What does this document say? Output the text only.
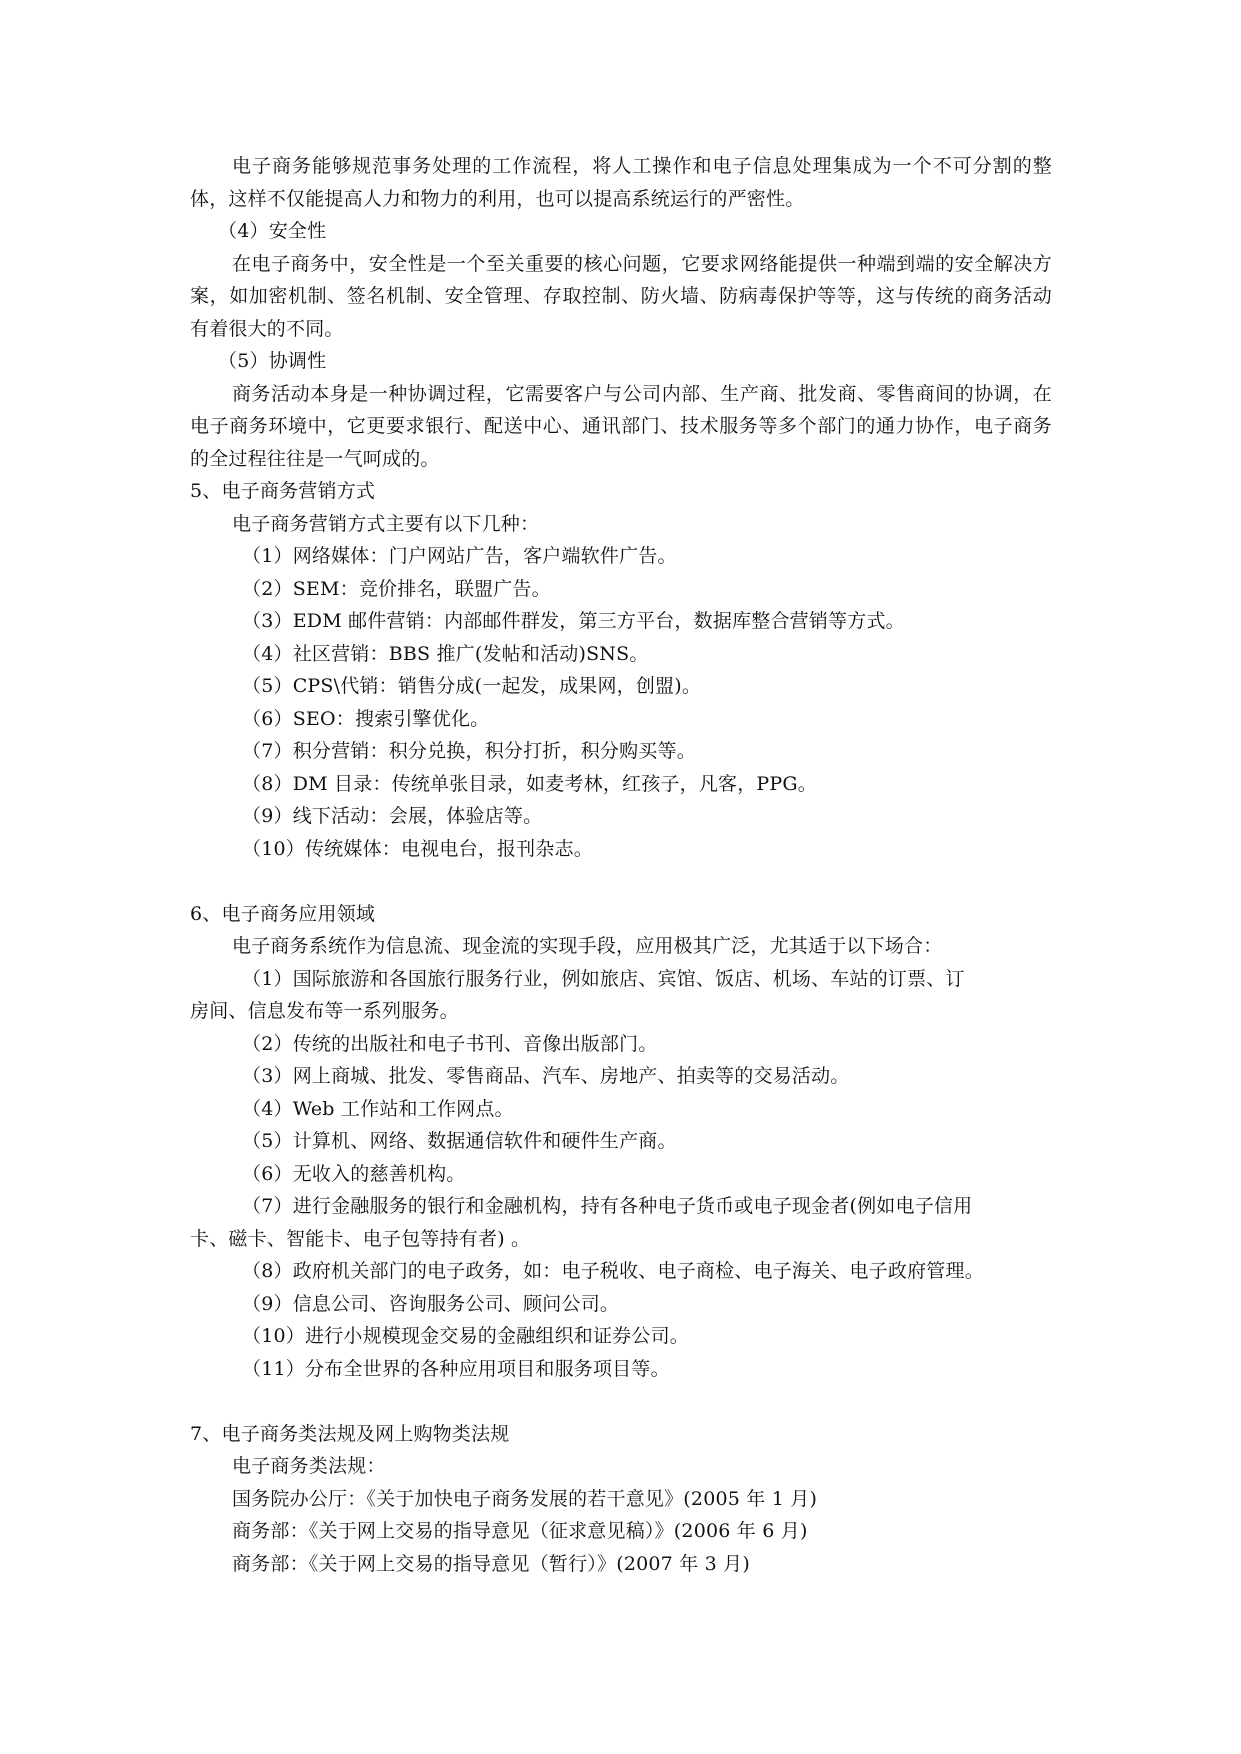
电子商务能够规范事务处理的工作流程，将人工操作和电子信息处理集成为一个不可分割的整体，这样不仅能提高人力和物力的利用，也可以提高系统运行的严密性。

（4）安全性

在电子商务中，安全性是一个至关重要的核心问题，它要求网络能提供一种端到端的安全解决方案，如加密机制、签名机制、安全管理、存取控制、防火墙、防病毒保护等等，这与传统的商务活动有着很大的不同。

（5）协调性

商务活动本身是一种协调过程，它需要客户与公司内部、生产商、批发商、零售商间的协调，在电子商务环境中，它更要求银行、配送中心、通讯部门、技术服务等多个部门的通力协作，电子商务的全过程往往是一气呵成的。

5、电子商务营销方式

电子商务营销方式主要有以下几种：

（1）网络媒体：门户网站广告，客户端软件广告。

（2）SEM：竞价排名，联盟广告。

（3）EDM 邮件营销：内部邮件群发，第三方平台，数据库整合营销等方式。

（4）社区营销：BBS 推广(发帖和活动)SNS。

（5）CPS\代销：销售分成(一起发，成果网，创盟)。

（6）SEO：搜索引擎优化。

（7）积分营销：积分兑换，积分打折，积分购买等。

（8）DM 目录：传统单张目录，如麦考林，红孩子，凡客，PPG。

（9）线下活动：会展，体验店等。

（10）传统媒体：电视电台，报刊杂志。

6、电子商务应用领域

电子商务系统作为信息流、现金流的实现手段，应用极其广泛，尤其适于以下场合：

（1）国际旅游和各国旅行服务行业，例如旅店、宾馆、饭店、机场、车站的订票、订

房间、信息发布等一系列服务。

（2）传统的出版社和电子书刊、音像出版部门。

（3）网上商城、批发、零售商品、汽车、房地产、拍卖等的交易活动。

（4）Web 工作站和工作网点。

（5）计算机、网络、数据通信软件和硬件生产商。

（6）无收入的慈善机构。

（7）进行金融服务的银行和金融机构，持有各种电子货币或电子现金者(例如电子信用

卡、磁卡、智能卡、电子包等持有者) 。

（8）政府机关部门的电子政务，如：电子税收、电子商检、电子海关、电子政府管理。

（9）信息公司、咨询服务公司、顾问公司。

（10）进行小规模现金交易的金融组织和证券公司。

（11）分布全世界的各种应用项目和服务项目等。

7、电子商务类法规及网上购物类法规

电子商务类法规：

国务院办公厅：《关于加快电子商务发展的若干意见》(2005 年 1 月)

商务部：《关于网上交易的指导意见（征求意见稿）》(2006 年 6 月)

商务部：《关于网上交易的指导意见（暂行）》(2007 年 3 月)
